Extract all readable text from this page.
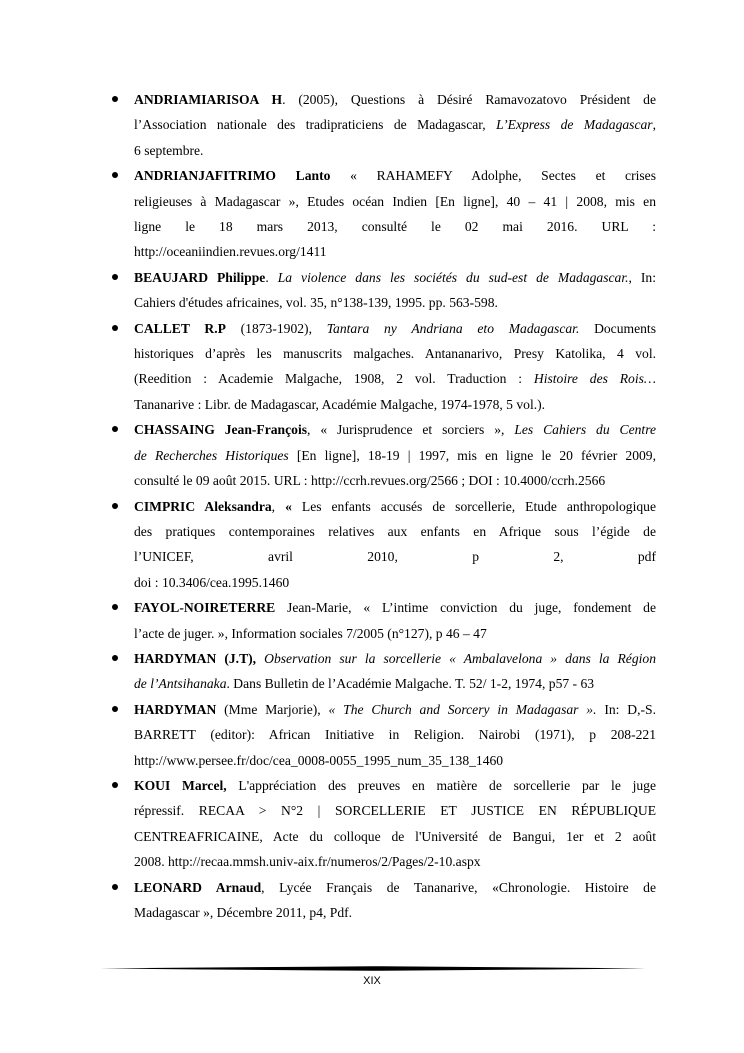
ANDRIAMIARISOA H. (2005), Questions à Désiré Ramavozatovo Président de
l’Association nationale des tradipraticiens de Madagascar, L’Express de Madagascar,
6 septembre.
ANDRIANJAFITRIMO Lanto « RAHAMEFY Adolphe, Sectes et crises
religieuses à Madagascar », Etudes océan Indien [En ligne], 40 – 41 | 2008, mis en
ligne le 18 mars 2013, consulté le 02 mai 2016. URL :
http://oceaniindien.revues.org/1411
BEAUJARD Philippe. La violence dans les sociétés du sud-est de Madagascar., In:
Cahiers d'études africaines, vol. 35, n°138-139, 1995. pp. 563-598.
CALLET R.P (1873-1902), Tantara ny Andriana eto Madagascar. Documents
historiques d’après les manuscrits malgaches. Antananarivo, Presy Katolika, 4 vol.
(Reedition : Academie Malgache, 1908, 2 vol. Traduction : Histoire des Rois…
Tananarive : Libr. de Madagascar, Académie Malgache, 1974-1978, 5 vol.).
CHASSAING Jean-François, « Jurisprudence et sorciers », Les Cahiers du Centre
de Recherches Historiques [En ligne], 18-19 | 1997, mis en ligne le 20 février 2009,
consulté le 09 août 2015. URL : http://ccrh.revues.org/2566 ; DOI : 10.4000/ccrh.2566
CIMPRIC Aleksandra, « Les enfants accusés de sorcellerie, Etude anthropologique
des pratiques contemporaines relatives aux enfants en Afrique sous l’égide de
l’UNICEF, avril 2010, p 2, pdf
doi : 10.3406/cea.1995.1460
FAYOL-NOIRETERRE Jean-Marie, « L’intime conviction du juge, fondement de
l’acte de juger. », Information sociales 7/2005 (n°127), p 46 – 47
HARDYMAN (J.T), Observation sur la sorcellerie « Ambalavelona » dans la Région
de l’Antsihanaka. Dans Bulletin de l’Académie Malgache. T. 52/ 1-2, 1974, p57 - 63
HARDYMAN (Mme Marjorie), « The Church and Sorcery in Madagasar ». In: D,-S.
BARRETT (editor): African Initiative in Religion. Nairobi (1971), p 208-221
http://www.persee.fr/doc/cea_0008-0055_1995_num_35_138_1460
KOUI Marcel, L'appréciation des preuves en matière de sorcellerie par le juge
répressif. RECAA > N°2 | SORCELLERIE ET JUSTICE EN RÉPUBLIQUE
CENTREAFRICAINE, Acte du colloque de l'Université de Bangui, 1er et 2 août
2008. http://recaa.mmsh.univ-aix.fr/numeros/2/Pages/2-10.aspx
LEONARD Arnaud, Lycée Français de Tananarive, «Chronologie. Histoire de
Madagascar », Décembre 2011, p4, Pdf.
XIX
